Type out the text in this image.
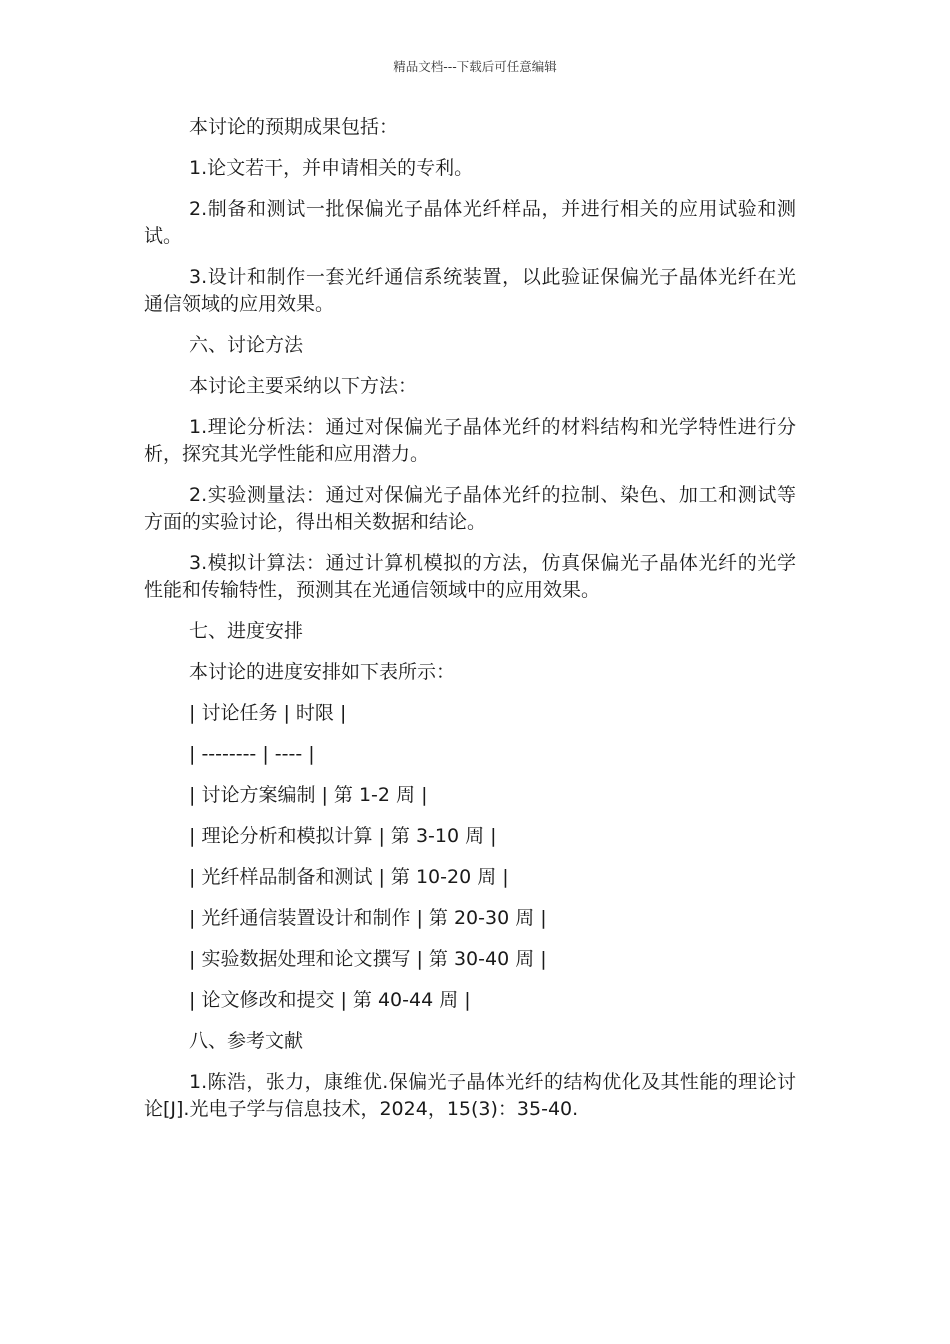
精品文档---下载后可任意编辑

本讨论的预期成果包括：

1.论文若干，并申请相关的专利。

2.制备和测试一批保偏光子晶体光纤样品，并进行相关的应用试验和测试。

3.设计和制作一套光纤通信系统装置，以此验证保偏光子晶体光纤在光通信领域的应用效果。

六、讨论方法

本讨论主要采纳以下方法：

1.理论分析法：通过对保偏光子晶体光纤的材料结构和光学特性进行分析，探究其光学性能和应用潜力。

2.实验测量法：通过对保偏光子晶体光纤的拉制、染色、加工和测试等方面的实验讨论，得出相关数据和结论。

3.模拟计算法：通过计算机模拟的方法，仿真保偏光子晶体光纤的光学性能和传输特性，预测其在光通信领域中的应用效果。

七、进度安排

本讨论的进度安排如下表所示：

| 讨论任务 | 时限 |

| -------- | ---- |

| 讨论方案编制 | 第 1-2 周 |

| 理论分析和模拟计算 | 第 3-10 周 |

| 光纤样品制备和测试 | 第 10-20 周 |

| 光纤通信装置设计和制作 | 第 20-30 周 |

| 实验数据处理和论文撰写 | 第 30-40 周 |

| 论文修改和提交 | 第 40-44 周 |

八、参考文献

1.陈浩，张力，康维优.保偏光子晶体光纤的结构优化及其性能的理论讨论[J].光电子学与信息技术，2024，15(3)：35-40.
